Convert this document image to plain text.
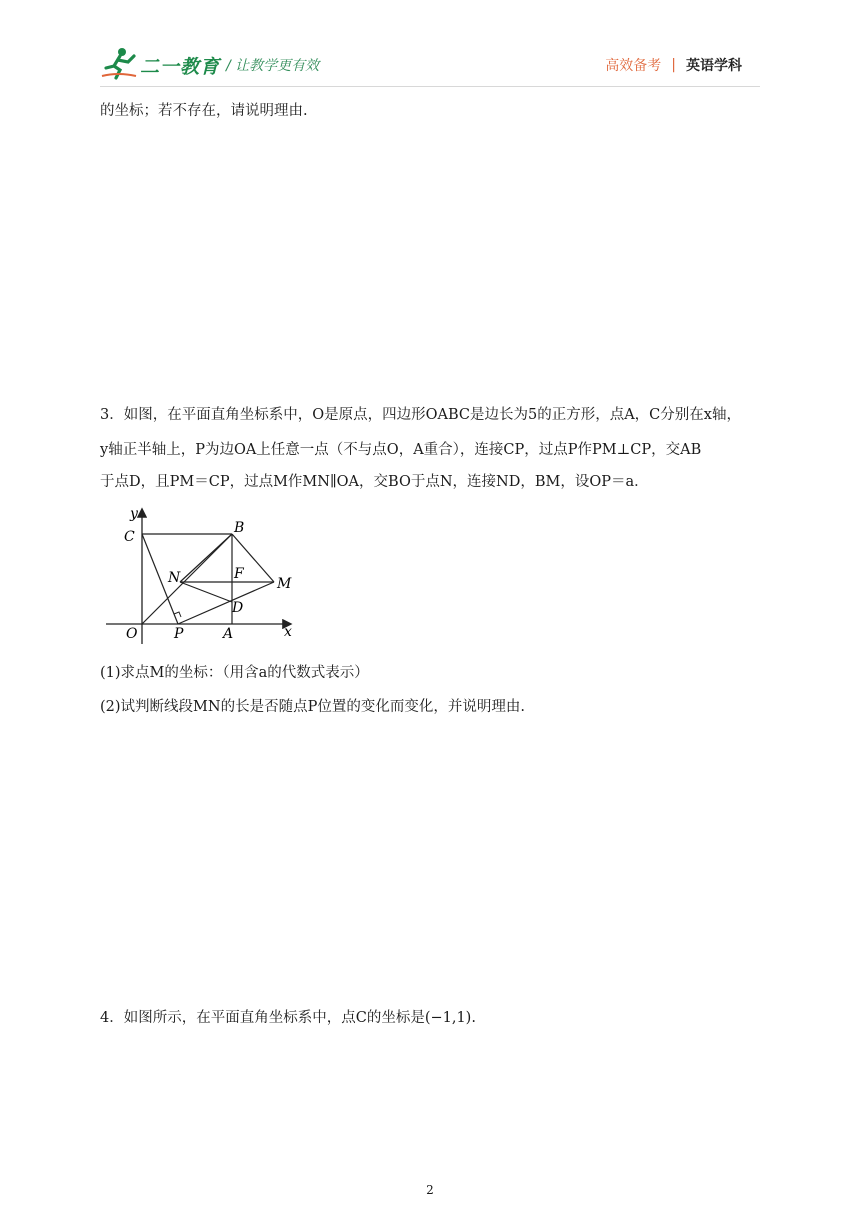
二一教育 / 让教学更有效	高效备考 | 英语学科
的坐标；若不存在，请说明理由.
3．如图，在平面直角坐标系中，O是原点，四边形OABC是边长为5的正方形，点A，C分别在x轴，
y轴正半轴上，P为边OA上任意一点（不与点O，A重合），连接CP，过点P作PM⊥CP，交AB
于点D，且PM＝CP，过点M作MN∥OA，交BO于点N，连接ND，BM，设OP＝a．
y
x
O
C
B
N	F
M
D
P	A
(1)求点M的坐标：（用含a的代数式表示）
(2)试判断线段MN的长是否随点P位置的变化而变化，并说明理由.
4．如图所示，在平面直角坐标系中，点C的坐标是(−1,1).
2
